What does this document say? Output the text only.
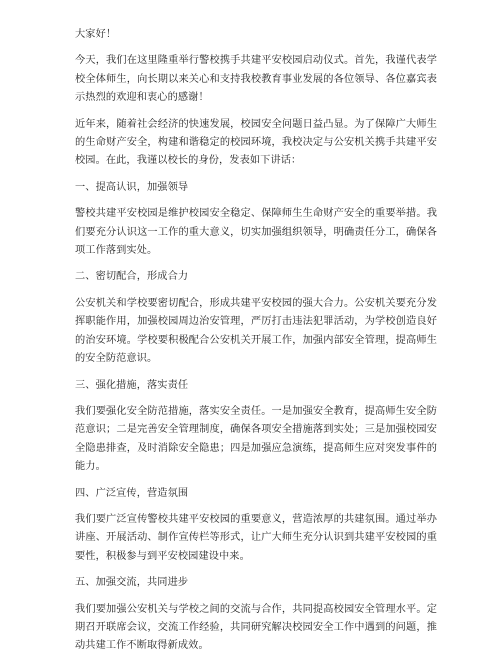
大家好！

今天，我们在这里隆重举行警校携手共建平安校园启动仪式。首先，我谨代表学校全体师生，向长期以来关心和支持我校教育事业发展的各位领导、各位嘉宾表示热烈的欢迎和衷心的感谢！

近年来，随着社会经济的快速发展，校园安全问题日益凸显。为了保障广大师生的生命财产安全，构建和谐稳定的校园环境，我校决定与公安机关携手共建平安校园。在此，我谨以校长的身份，发表如下讲话：

一、提高认识，加强领导

警校共建平安校园是维护校园安全稳定、保障师生生命财产安全的重要举措。我们要充分认识这一工作的重大意义，切实加强组织领导，明确责任分工，确保各项工作落到实处。

二、密切配合，形成合力

公安机关和学校要密切配合，形成共建平安校园的强大合力。公安机关要充分发挥职能作用，加强校园周边治安管理，严厉打击违法犯罪活动，为学校创造良好的治安环境。学校要积极配合公安机关开展工作，加强内部安全管理，提高师生的安全防范意识。

三、强化措施，落实责任

我们要强化安全防范措施，落实安全责任。一是加强安全教育，提高师生安全防范意识；二是完善安全管理制度，确保各项安全措施落到实处；三是加强校园安全隐患排查，及时消除安全隐患；四是加强应急演练，提高师生应对突发事件的能力。

四、广泛宣传，营造氛围

我们要广泛宣传警校共建平安校园的重要意义，营造浓厚的共建氛围。通过举办讲座、开展活动、制作宣传栏等形式，让广大师生充分认识到共建平安校园的重要性，积极参与到平安校园建设中来。

五、加强交流，共同进步

我们要加强公安机关与学校之间的交流与合作，共同提高校园安全管理水平。定期召开联席会议，交流工作经验，共同研究解决校园安全工作中遇到的问题，推动共建工作不断取得新成效。
